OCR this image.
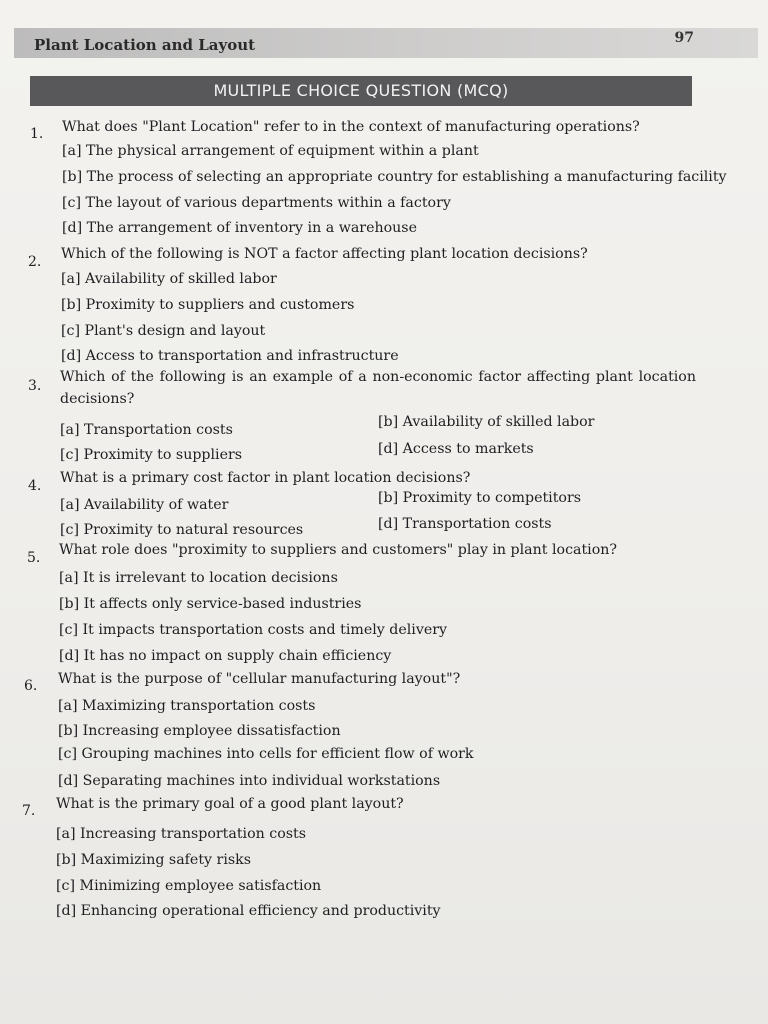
Plant Location and Layout	97
MULTIPLE CHOICE QUESTION (MCQ)
1. What does "Plant Location" refer to in the context of manufacturing operations?
[a] The physical arrangement of equipment within a plant
[b] The process of selecting an appropriate country for establishing a manufacturing facility
[c] The layout of various departments within a factory
[d] The arrangement of inventory in a warehouse
2. Which of the following is NOT a factor affecting plant location decisions?
[a] Availability of skilled labor
[b] Proximity to suppliers and customers
[c] Plant's design and layout
[d] Access to transportation and infrastructure
3.
Which of the following is an example of a non-economic factor affecting plant location decisions?
[a] Transportation costs	[b] Availability of skilled labor
[c] Proximity to suppliers	[d] Access to markets
4. What is a primary cost factor in plant location decisions?
[a] Availability of water	[b] Proximity to competitors
[c] Proximity to natural resources	[d] Transportation costs
5. What role does "proximity to suppliers and customers" play in plant location?
[a] It is irrelevant to location decisions
[b] It affects only service-based industries
[c] It impacts transportation costs and timely delivery
[d] It has no impact on supply chain efficiency
6. What is the purpose of "cellular manufacturing layout"?
[a] Maximizing transportation costs
[b] Increasing employee dissatisfaction
[c] Grouping machines into cells for efficient flow of work
[d] Separating machines into individual workstations
7. What is the primary goal of a good plant layout?
[a] Increasing transportation costs
[b] Maximizing safety risks
[c] Minimizing employee satisfaction
[d] Enhancing operational efficiency and productivity
